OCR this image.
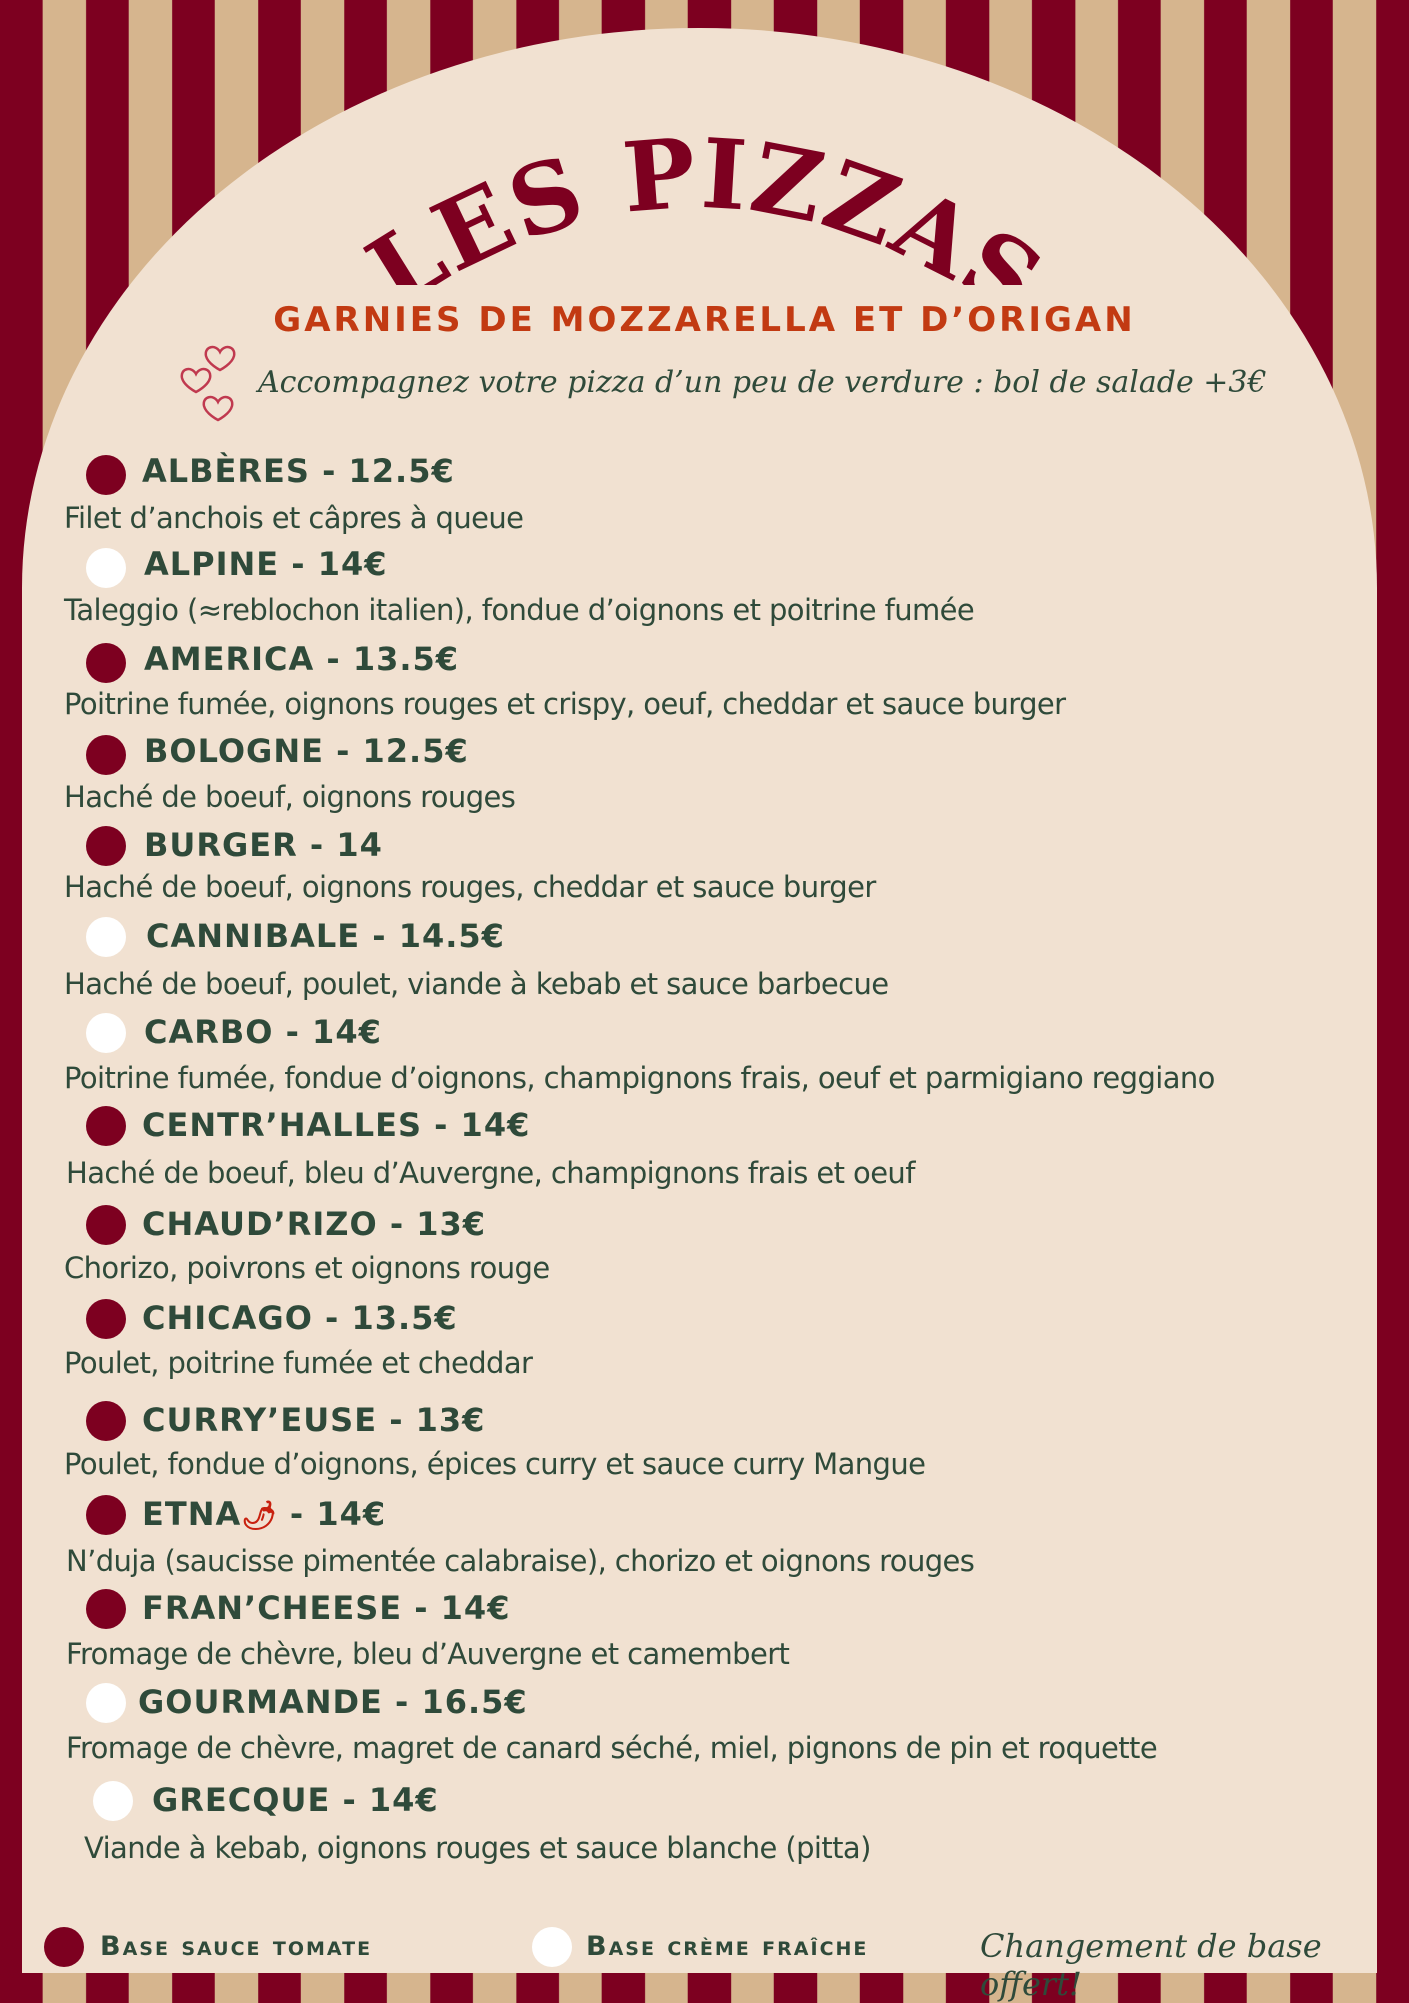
LES PIZZAS
GARNIES DE MOZZARELLA ET D’ORIGAN
Accompagnez votre pizza d’un peu de verdure : bol de salade +3€
ALBÈRES - 12.5€
Filet d’anchois et câpres à queue
ALPINE - 14€
Taleggio (≈reblochon italien), fondue d’oignons et poitrine fumée
AMERICA - 13.5€
Poitrine fumée, oignons rouges et crispy, oeuf, cheddar et sauce burger
BOLOGNE - 12.5€
Haché de boeuf, oignons rouges
BURGER - 14
Haché de boeuf, oignons rouges, cheddar et sauce burger
CANNIBALE - 14.5€
Haché de boeuf, poulet, viande à kebab et sauce barbecue
CARBO - 14€
Poitrine fumée, fondue d’oignons, champignons frais, oeuf et parmigiano reggiano
CENTR’HALLES - 14€
Haché de boeuf, bleu d’Auvergne, champignons frais et oeuf
CHAUD’RIZO - 13€
Chorizo, poivrons et oignons rouge
CHICAGO - 13.5€
Poulet, poitrine fumée et cheddar
CURRY’EUSE - 13€
Poulet, fondue d’oignons, épices curry et sauce curry Mangue
ETNA🌶 - 14€
N’duja (saucisse pimentée calabraise), chorizo et oignons rouges
FRAN’CHEESE - 14€
Fromage de chèvre, bleu d’Auvergne et camembert
GOURMANDE - 16.5€
Fromage de chèvre, magret de canard séché, miel, pignons de pin et roquette
GRECQUE - 14€
Viande à kebab, oignons rouges et sauce blanche (pitta)
Base sauce tomate	Base crème fraîche	Changement de base offert!
